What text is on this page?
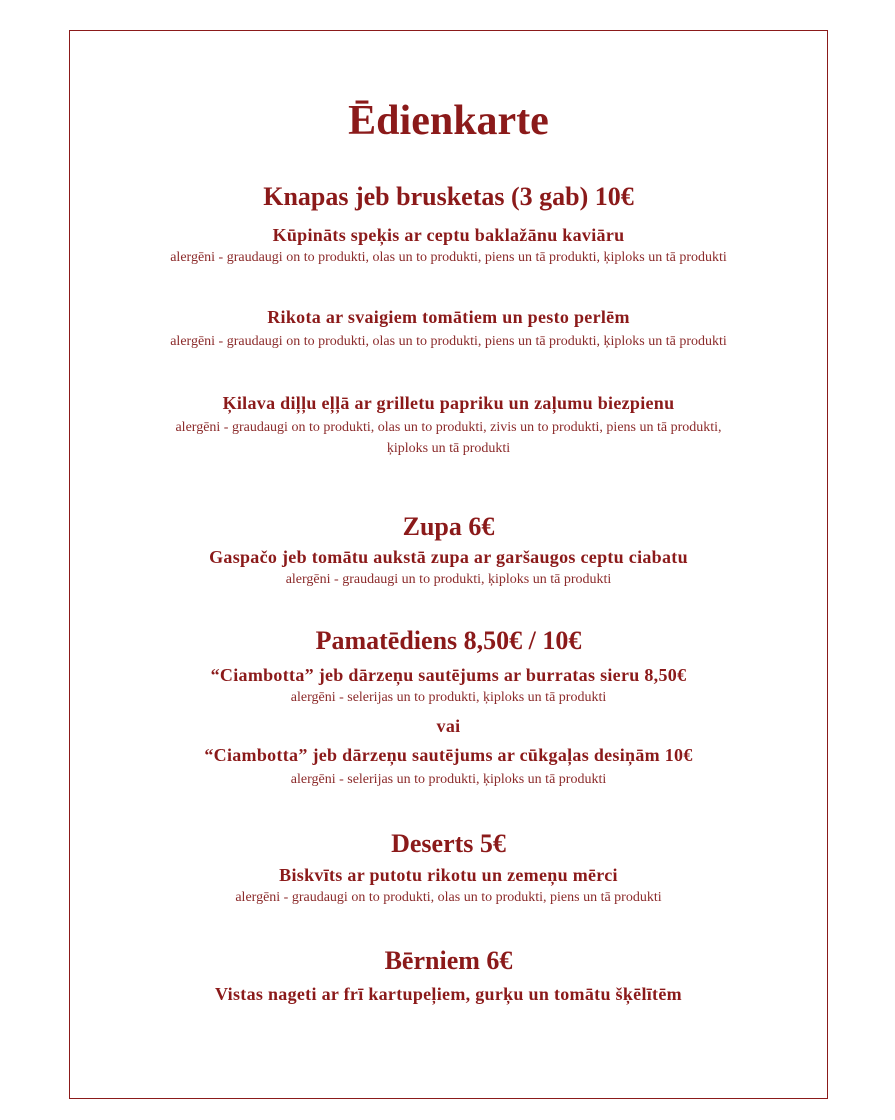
Ēdienkarte
Knapas jeb brusketas (3 gab) 10€
Kūpināts speķis ar ceptu baklažānu kaviāru
alergēni - graudaugi on to produkti, olas un to produkti, piens un tā produkti, ķiploks un tā produkti
Rikota ar svaigiem tomātiem un pesto perlēm
alergēni - graudaugi on to produkti, olas un to produkti, piens un tā produkti, ķiploks un tā produkti
Ķilava diļļu eļļā ar grilletu papriku un zaļumu biezpienu
alergēni - graudaugi on to produkti, olas un to produkti, zivis un to produkti, piens un tā produkti, ķiploks un tā produkti
Zupa 6€
Gaspačo jeb tomātu aukstā zupa ar garšaugos ceptu ciabatu
alergēni - graudaugi un to produkti, ķiploks un tā produkti
Pamatēdiens 8,50€ / 10€
“Ciambotta” jeb dārzeņu sautējums ar burratas sieru 8,50€
alergēni - selerijas un to produkti, ķiploks un tā produkti
vai
“Ciambotta” jeb dārzeņu sautējums ar cūkgaļas desiņām 10€
alergēni - selerijas un to produkti, ķiploks un tā produkti
Deserts 5€
Biskvīts ar putotu rikotu un zemeņu mērci
alergēni - graudaugi on to produkti, olas un to produkti, piens un tā produkti
Bērniem 6€
Vistas nageti ar frī kartupeļiem, gurķu un tomātu šķēlītēm
